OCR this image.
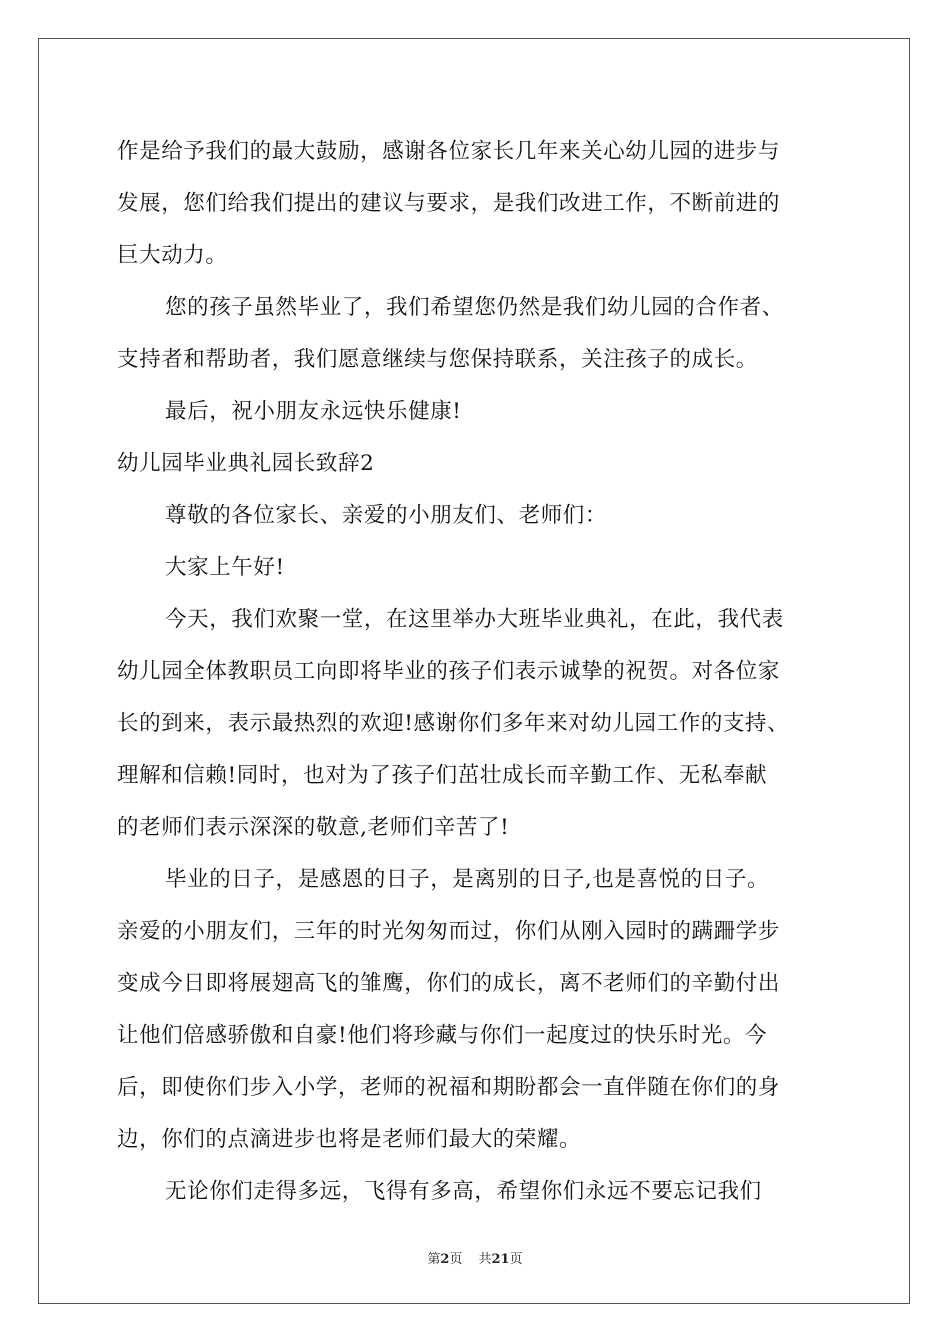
作是给予我们的最大鼓励，感谢各位家长几年来关心幼儿园的进步与
发展，您们给我们提出的建议与要求，是我们改进工作，不断前进的
巨大动力。
您的孩子虽然毕业了，我们希望您仍然是我们幼儿园的合作者、
支持者和帮助者，我们愿意继续与您保持联系，关注孩子的成长。
最后，祝小朋友永远快乐健康!
幼儿园毕业典礼园长致辞2
尊敬的各位家长、亲爱的小朋友们、老师们：
大家上午好!
今天，我们欢聚一堂，在这里举办大班毕业典礼，在此，我代表
幼儿园全体教职员工向即将毕业的孩子们表示诚挚的祝贺。对各位家
长的到来，表示最热烈的欢迎!感谢你们多年来对幼儿园工作的支持、
理解和信赖!同时，也对为了孩子们茁壮成长而辛勤工作、无私奉献
的老师们表示深深的敬意,老师们辛苦了!
毕业的日子，是感恩的日子，是离别的日子,也是喜悦的日子。
亲爱的小朋友们，三年的时光匆匆而过，你们从刚入园时的蹒跚学步
变成今日即将展翅高飞的雏鹰，你们的成长，离不老师们的辛勤付出
让他们倍感骄傲和自豪!他们将珍藏与你们一起度过的快乐时光。今
后，即使你们步入小学，老师的祝福和期盼都会一直伴随在你们的身
边，你们的点滴进步也将是老师们最大的荣耀。
无论你们走得多远，飞得有多高，希望你们永远不要忘记我们
第2页 共21页
